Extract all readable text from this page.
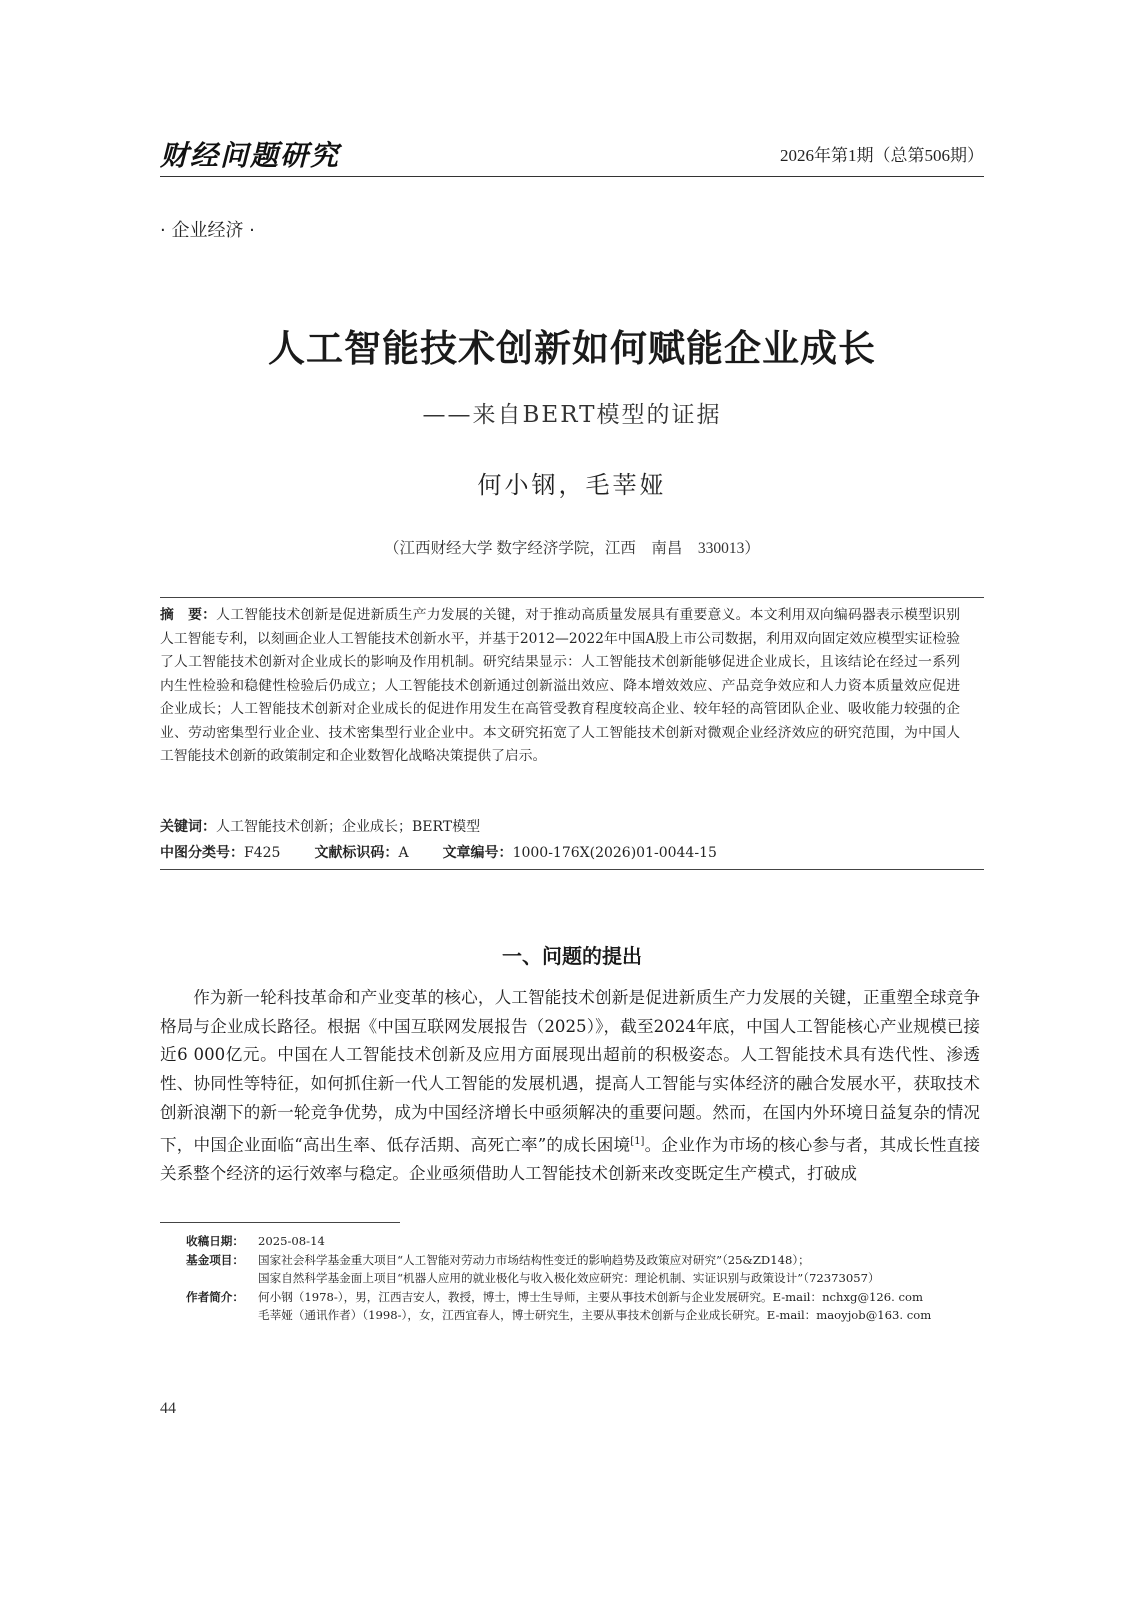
财经问题研究	2026年第1期（总第506期）
· 企业经济 ·
人工智能技术创新如何赋能企业成长
——来自BERT模型的证据
何小钢，毛莘娅
（江西财经大学 数字经济学院，江西　南昌　330013）
摘　要：人工智能技术创新是促进新质生产力发展的关键，对于推动高质量发展具有重要意义。本文利用双向编码器表示模型识别人工智能专利，以刻画企业人工智能技术创新水平，并基于2012—2022年中国A股上市公司数据，利用双向固定效应模型实证检验了人工智能技术创新对企业成长的影响及作用机制。研究结果显示：人工智能技术创新能够促进企业成长，且该结论在经过一系列内生性检验和稳健性检验后仍成立；人工智能技术创新通过创新溢出效应、降本增效效应、产品竞争效应和人力资本质量效应促进企业成长；人工智能技术创新对企业成长的促进作用发生在高管受教育程度较高企业、较年轻的高管团队企业、吸收能力较强的企业、劳动密集型行业企业、技术密集型行业企业中。本文研究拓宽了人工智能技术创新对微观企业经济效应的研究范围，为中国人工智能技术创新的政策制定和企业数智化战略决策提供了启示。
关键词：人工智能技术创新；企业成长；BERT模型
中图分类号：F425 文献标识码：A 文章编号：1000-176X(2026)01-0044-15
一、问题的提出
作为新一轮科技革命和产业变革的核心，人工智能技术创新是促进新质生产力发展的关键，正重塑全球竞争格局与企业成长路径。根据《中国互联网发展报告（2025）》，截至2024年底，中国人工智能核心产业规模已接近6 000亿元。中国在人工智能技术创新及应用方面展现出超前的积极姿态。人工智能技术具有迭代性、渗透性、协同性等特征，如何抓住新一代人工智能的发展机遇，提高人工智能与实体经济的融合发展水平，获取技术创新浪潮下的新一轮竞争优势，成为中国经济增长中亟须解决的重要问题。然而，在国内外环境日益复杂的情况下，中国企业面临“高出生率、低存活期、高死亡率”的成长困境[1]。企业作为市场的核心参与者，其成长性直接关系整个经济的运行效率与稳定。企业亟须借助人工智能技术创新来改变既定生产模式，打破成
收稿日期：	2025-08-14
基金项目：	国家社会科学基金重大项目“人工智能对劳动力市场结构性变迁的影响趋势及政策应对研究”（25&ZD148）；
国家自然科学基金面上项目“机器人应用的就业极化与收入极化效应研究：理论机制、实证识别与政策设计”（72373057）
作者简介：	何小钢（1978-），男，江西吉安人，教授，博士，博士生导师，主要从事技术创新与企业发展研究。E-mail：nchxg@126. com
毛莘娅（通讯作者）（1998-），女，江西宜春人，博士研究生，主要从事技术创新与企业成长研究。E-mail：maoyjob@163. com
44
